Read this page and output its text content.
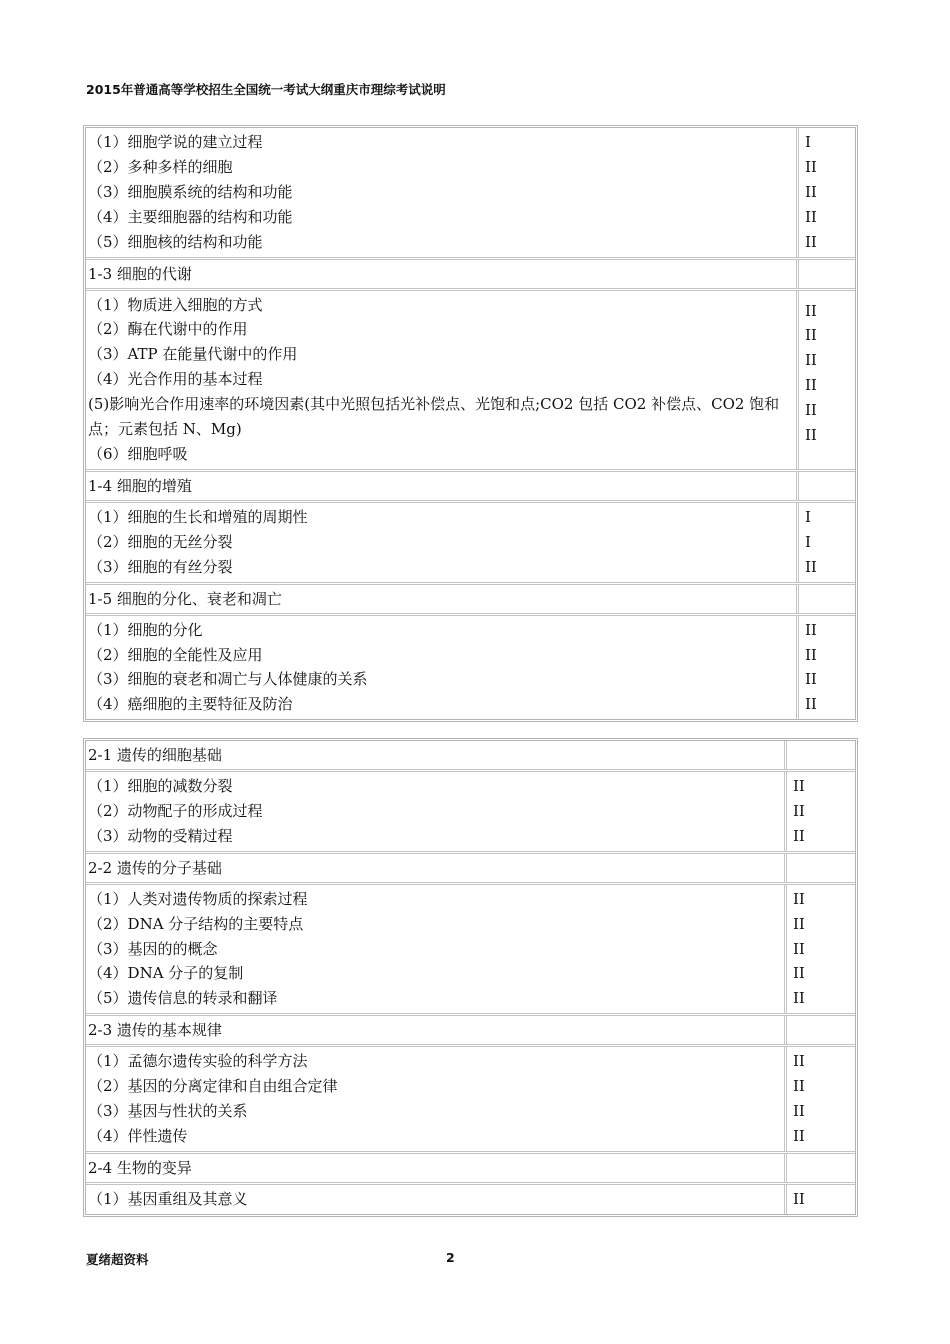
2015年普通高等学校招生全国统一考试大纲重庆市理综考试说明
（1）细胞学说的建立过程
（2）多种多样的细胞
（3）细胞膜系统的结构和功能
（4）主要细胞器的结构和功能
（5）细胞核的结构和功能
I
II
II
II
II
1-3 细胞的代谢
（1）物质进入细胞的方式
（2）酶在代谢中的作用
（3）ATP 在能量代谢中的作用
（4）光合作用的基本过程
(5)影响光合作用速率的环境因素(其中光照包括光补偿点、光饱和点;CO2 包括 CO2 补偿点、CO2 饱和点；元素包括 N、Mg)
（6）细胞呼吸
II
II
II
II
II
II
1-4 细胞的增殖
（1）细胞的生长和增殖的周期性
（2）细胞的无丝分裂
（3）细胞的有丝分裂
I
I
II
1-5 细胞的分化、衰老和凋亡
（1）细胞的分化
（2）细胞的全能性及应用
（3）细胞的衰老和凋亡与人体健康的关系
（4）癌细胞的主要特征及防治
II
II
II
II
2-1 遗传的细胞基础
（1）细胞的减数分裂
（2）动物配子的形成过程
（3）动物的受精过程
II
II
II
2-2 遗传的分子基础
（1）人类对遗传物质的探索过程
（2）DNA 分子结构的主要特点
（3）基因的的概念
（4）DNA 分子的复制
（5）遗传信息的转录和翻译
II
II
II
II
II
2-3 遗传的基本规律
（1）孟德尔遗传实验的科学方法
（2）基因的分离定律和自由组合定律
（3）基因与性状的关系
（4）伴性遗传
II
II
II
II
2-4 生物的变异
（1）基因重组及其意义	II
夏绪超资料	2
